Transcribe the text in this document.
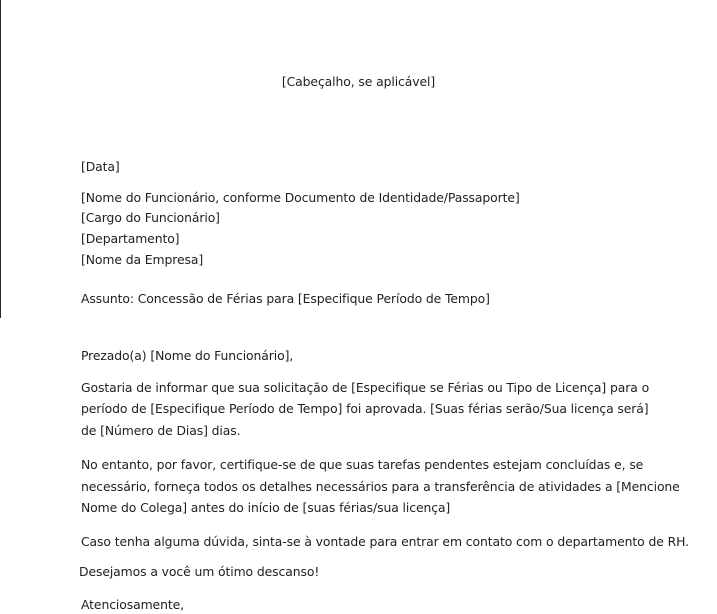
[Cabeçalho, se aplicável]
[Data]
[Nome do Funcionário, conforme Documento de Identidade/Passaporte]
[Cargo do Funcionário]
[Departamento]
[Nome da Empresa]
Assunto: Concessão de Férias para [Especifique Período de Tempo]
Prezado(a) [Nome do Funcionário],
Gostaria de informar que sua solicitação de [Especifique se Férias ou Tipo de Licença] para o
período de [Especifique Período de Tempo] foi aprovada. [Suas férias serão/Sua licença será]
de [Número de Dias] dias.
No entanto, por favor, certifique-se de que suas tarefas pendentes estejam concluídas e, se
necessário, forneça todos os detalhes necessários para a transferência de atividades a [Mencione
Nome do Colega] antes do início de [suas férias/sua licença]
Caso tenha alguma dúvida, sinta-se à vontade para entrar em contato com o departamento de RH.
Desejamos a você um ótimo descanso!
Atenciosamente,
